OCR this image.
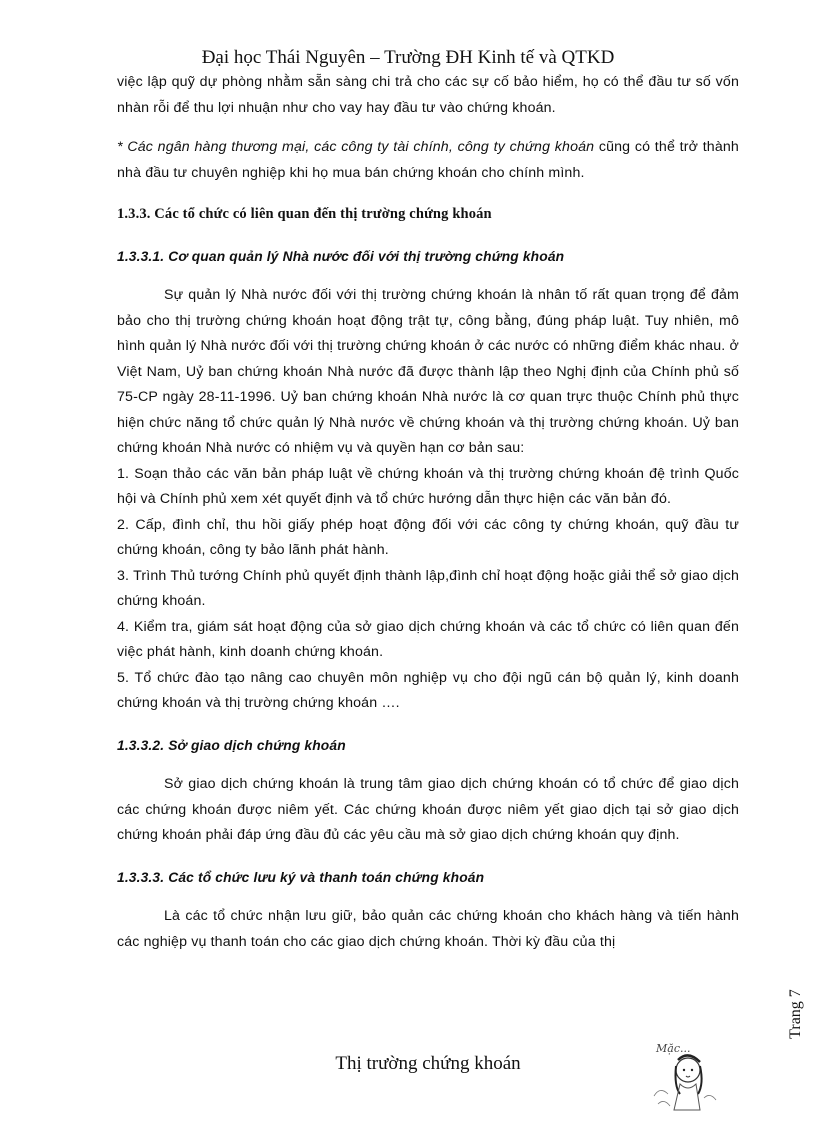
Đại học Thái Nguyên – Trường ĐH Kinh tế và QTKD

việc lập quỹ dự phòng nhằm sẵn sàng chi trả cho các sự cố bảo hiểm, họ có thể đầu tư số vốn nhàn rỗi để thu lợi nhuận như cho vay hay đầu tư vào chứng khoán.

* Các ngân hàng thương mại, các công ty tài chính, công ty chứng khoán cũng có thể trở thành nhà đầu tư chuyên nghiệp khi họ mua bán chứng khoán cho chính mình.

1.3.3. Các tổ chức có liên quan đến thị trường chứng khoán

1.3.3.1. Cơ quan quản lý Nhà nước đối với thị trường chứng khoán

Sự quản lý Nhà nước đối với thị trường chứng khoán là nhân tố rất quan trọng để đảm bảo cho thị trường chứng khoán hoạt động trật tự, công bằng, đúng pháp luật. Tuy nhiên, mô hình quản lý Nhà nước đối với thị trường chứng khoán ở các nước có những điểm khác nhau. ở Việt Nam, Uỷ ban chứng khoán Nhà nước đã được thành lập theo Nghị định của Chính phủ số 75-CP ngày 28-11-1996. Uỷ ban chứng khoán Nhà nước là cơ quan trực thuộc Chính phủ thực hiện chức năng tổ chức quản lý Nhà nước về chứng khoán và thị trường chứng khoán. Uỷ ban chứng khoán Nhà nước có nhiệm vụ và quyền hạn cơ bản sau:

1. Soạn thảo các văn bản pháp luật về chứng khoán và thị trường chứng khoán đệ trình Quốc hội và Chính phủ xem xét quyết định và tổ chức hướng dẫn thực hiện các văn bản đó.

2. Cấp, đình chỉ, thu hồi giấy phép hoạt động đối với các công ty chứng khoán, quỹ đầu tư chứng khoán, công ty bảo lãnh phát hành.

3. Trình Thủ tướng Chính phủ quyết định thành lập,đình chỉ hoạt động hoặc giải thể sở giao dịch chứng khoán.

4. Kiểm tra, giám sát hoạt động của sở giao dịch chứng khoán và các tổ chức có liên quan đến việc phát hành, kinh doanh chứng khoán.

5. Tổ chức đào tạo nâng cao chuyên môn nghiệp vụ cho đội ngũ cán bộ quản lý, kinh doanh chứng khoán và thị trường chứng khoán ….

1.3.3.2. Sở giao dịch chứng khoán

Sở giao dịch chứng khoán là trung tâm giao dịch chứng khoán có tổ chức để giao dịch các chứng khoán được niêm yết. Các chứng khoán được niêm yết giao dịch tại sở giao dịch chứng khoán phải đáp ứng đầu đủ các yêu cầu mà sở giao dịch chứng khoán quy định.

1.3.3.3. Các tổ chức lưu ký và thanh toán chứng khoán

Là các tổ chức nhận lưu giữ, bảo quản các chứng khoán cho khách hàng và tiến hành các nghiệp vụ thanh toán cho các giao dịch chứng khoán. Thời kỳ đầu của thị

Trang 7
Thị trường chứng khoán
Mặc...
